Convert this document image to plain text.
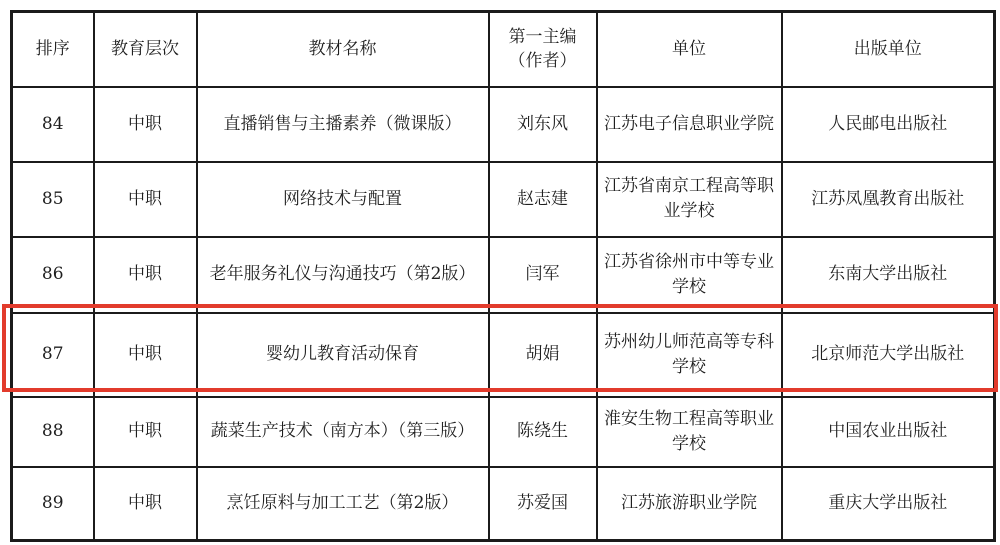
排序	教育层次	教材名称	第一主编（作者）	单位	出版单位
84	中职	直播销售与主播素养（微课版）	刘东风	江苏电子信息职业学院	人民邮电出版社
85	中职	网络技术与配置	赵志建	江苏省南京工程高等职业学校	江苏凤凰教育出版社
86	中职	老年服务礼仪与沟通技巧（第2版）	闫军	江苏省徐州市中等专业学校	东南大学出版社
87	中职	婴幼儿教育活动保育	胡娟	苏州幼儿师范高等专科学校	北京师范大学出版社
88	中职	蔬菜生产技术（南方本）（第三版）	陈绕生	淮安生物工程高等职业学校	中国农业出版社
89	中职	烹饪原料与加工工艺（第2版）	苏爱国	江苏旅游职业学院	重庆大学出版社
